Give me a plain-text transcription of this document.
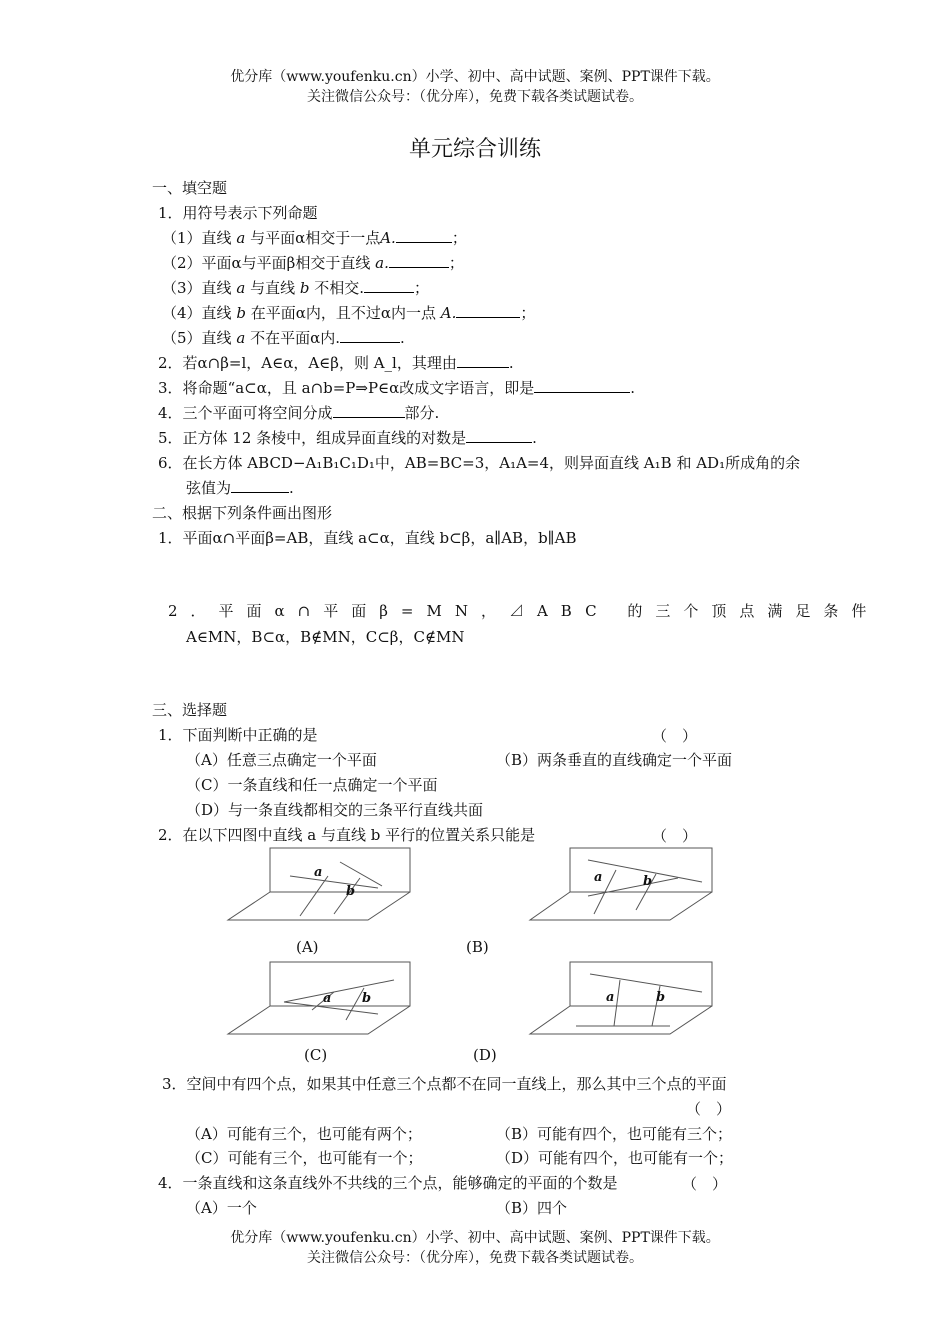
优分库（www.youfenku.cn）小学、初中、高中试题、案例、PPT课件下载。
关注微信公众号：（优分库），免费下载各类试题试卷。
单元综合训练
一、填空题
1．用符号表示下列命题
（1）直线 a 与平面α相交于一点A.	；
（2）平面α与平面β相交于直线 a.	；
（3）直线 a 与直线 b 不相交.	；
（4）直线 b 在平面α内，且不过α内一点 A.	；
（5）直线 a 不在平面α内.	.
2．若α∩β=l，A∈α，A∈β，则 A_l，其理由	.
3．将命题“a⊂α，且 a∩b=P⇒P∈α改成文字语言，即是	.
4．三个平面可将空间分成	部分.
5．正方体 12 条棱中，组成异面直线的对数是	.
6．在长方体 ABCD−A₁B₁C₁D₁中，AB=BC=3，A₁A=4，则异面直线 A₁B 和 AD₁所成角的余
弦值为	.
二、根据下列条件画出图形
1．平面α∩平面β=AB，直线 a⊂α，直线 b⊂β，a∥AB，b∥AB
2．平面α∩平面β=MN，⊿ABC 的三个顶点满足条件
A∈MN，B⊂α，B∉MN，C⊂β，C∉MN
三、选择题
1．下面判断中正确的是	（　）
（A）任意三点确定一个平面	（B）两条垂直的直线确定一个平面
（C）一条直线和任一点确定一个平面
（D）与一条直线都相交的三条平行直线共面
2．在以下四图中直线 a 与直线 b 平行的位置关系只能是	（　）
a
b
(A)
a	b
(B)
a b
(C)
a	b
(D)
3．空间中有四个点，如果其中任意三个点都不在同一直线上，那么其中三个点的平面
（　）
（A）可能有三个，也可能有两个；	（B）可能有四个，也可能有三个；
（C）可能有三个，也可能有一个；	（D）可能有四个，也可能有一个；
4．一条直线和这条直线外不共线的三个点，能够确定的平面的个数是	（　）
（A）一个	（B）四个
优分库（www.youfenku.cn）小学、初中、高中试题、案例、PPT课件下载。
关注微信公众号：（优分库），免费下载各类试题试卷。
